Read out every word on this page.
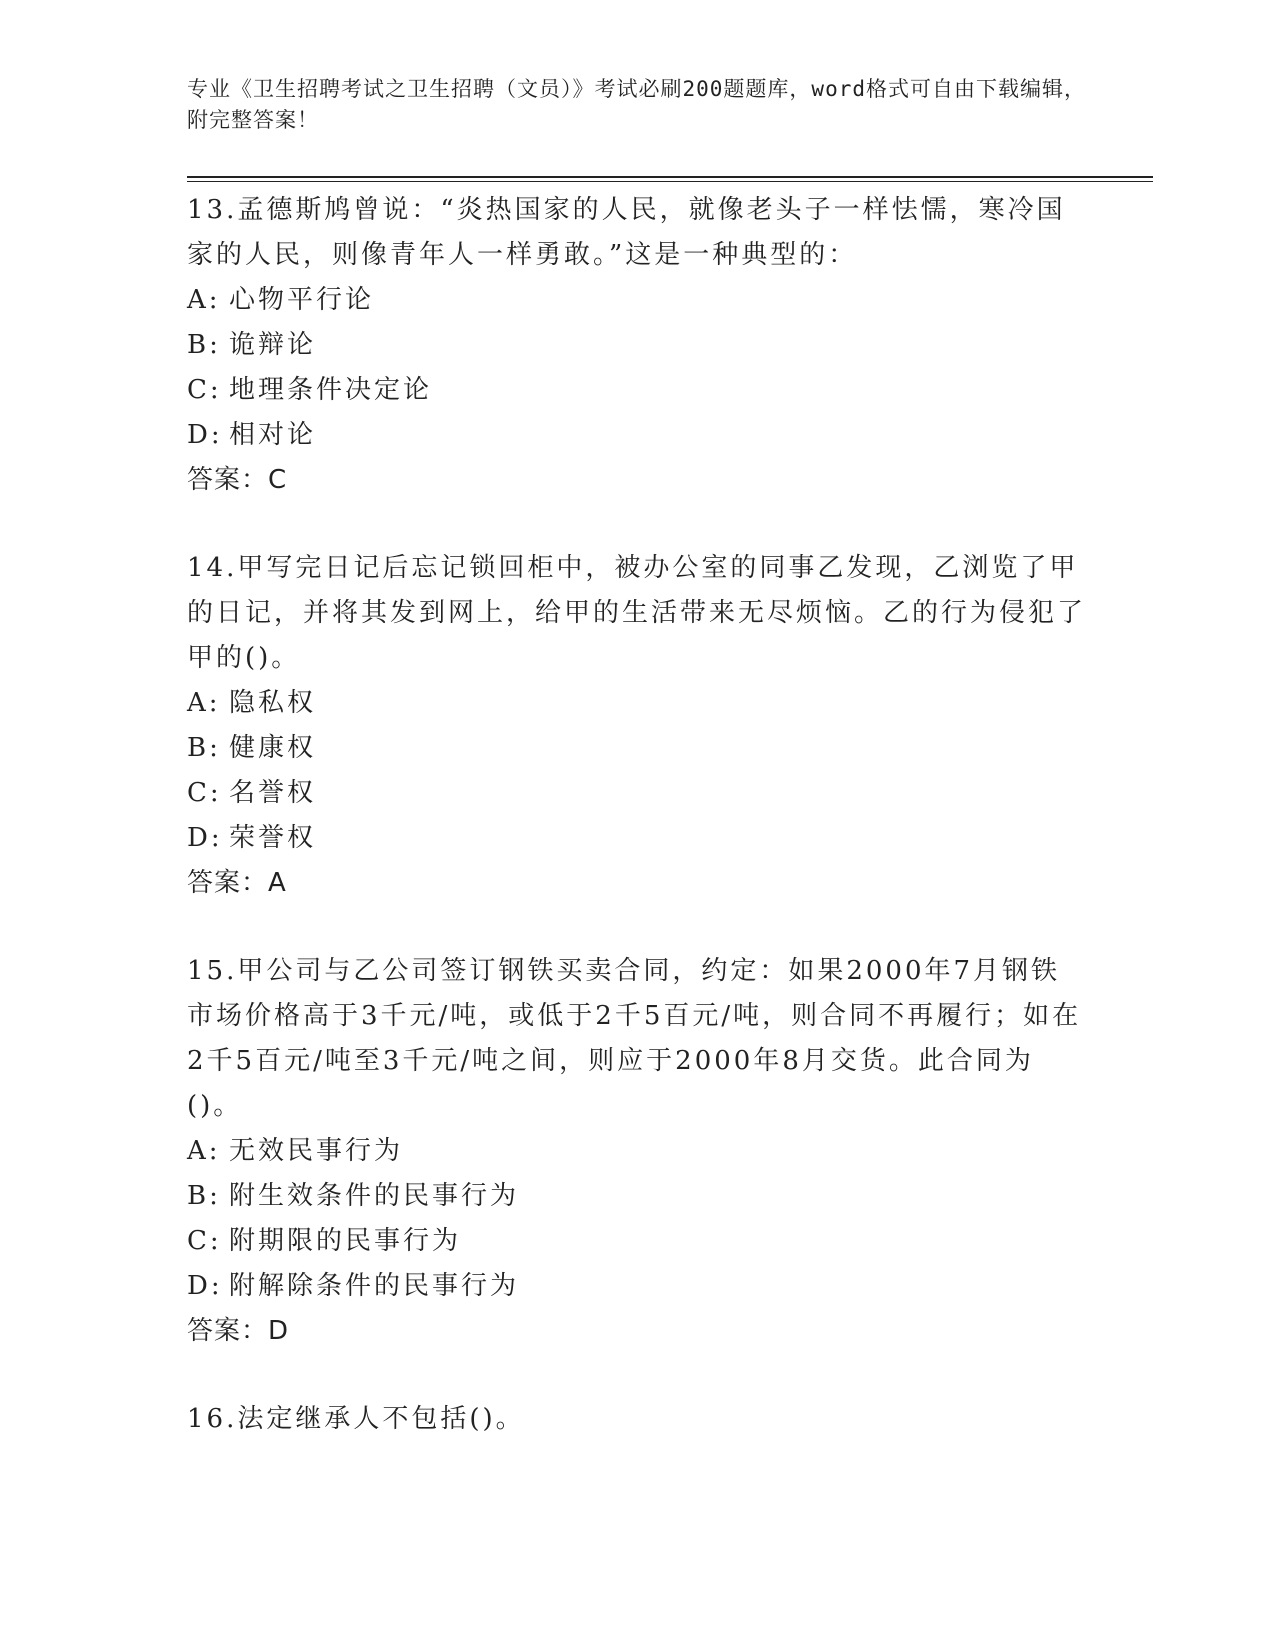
专业《卫生招聘考试之卫生招聘（文员）》考试必刷200题题库，word格式可自由下载编辑，附完整答案！
13.孟德斯鸠曾说：“炎热国家的人民，就像老头子一样怯懦，寒冷国家的人民，则像青年人一样勇敢。”这是一种典型的：
A: 心物平行论
B: 诡辩论
C: 地理条件决定论
D: 相对论
答案：C
14.甲写完日记后忘记锁回柜中，被办公室的同事乙发现，乙浏览了甲的日记，并将其发到网上，给甲的生活带来无尽烦恼。乙的行为侵犯了甲的()。
A: 隐私权
B: 健康权
C: 名誉权
D: 荣誉权
答案：A
15.甲公司与乙公司签订钢铁买卖合同，约定：如果2000年7月钢铁市场价格高于3千元/吨，或低于2千5百元/吨，则合同不再履行；如在2千5百元/吨至3千元/吨之间，则应于2000年8月交货。此合同为()。
A: 无效民事行为
B: 附生效条件的民事行为
C: 附期限的民事行为
D: 附解除条件的民事行为
答案：D
16.法定继承人不包括()。
